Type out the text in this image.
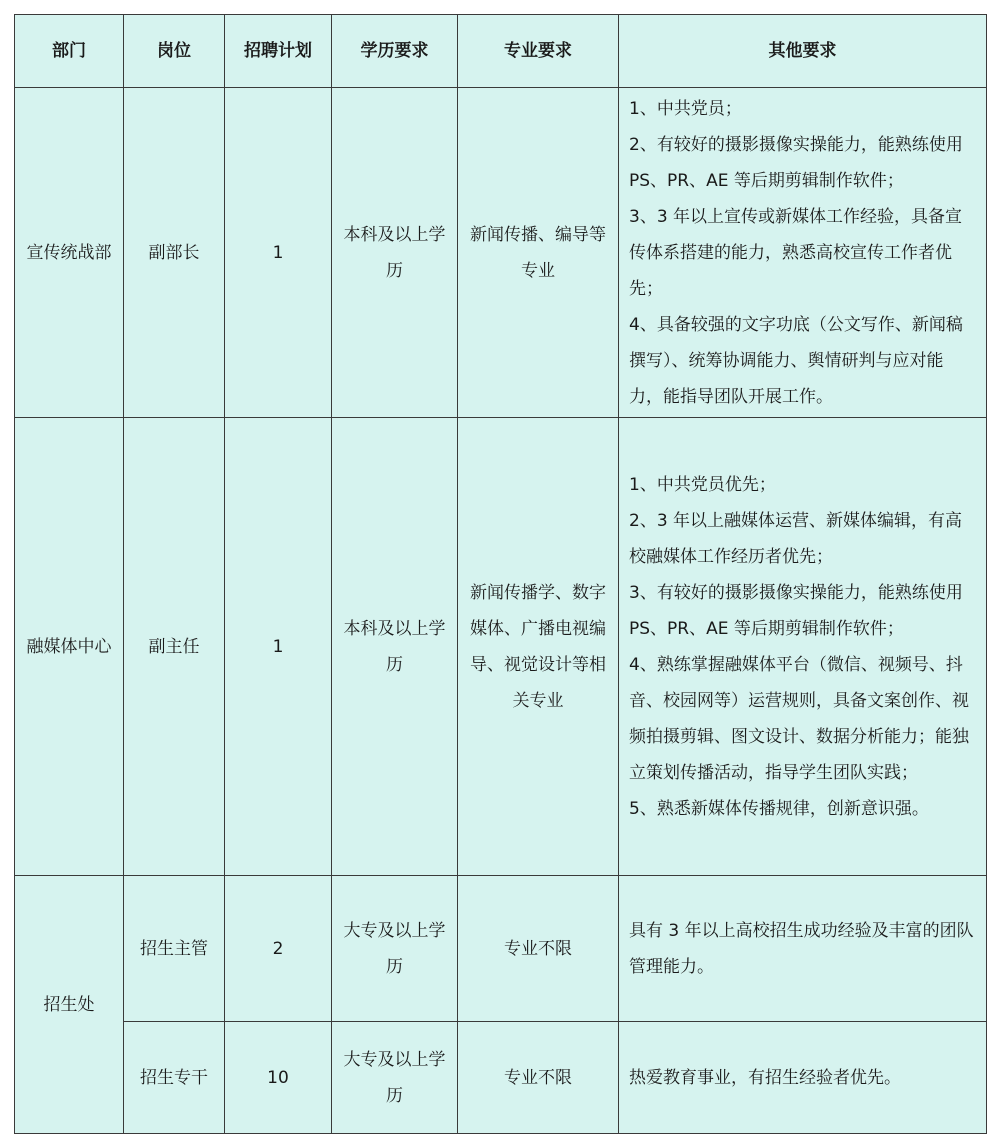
部门	岗位	招聘计划	学历要求	专业要求	其他要求
宣传统战部	副部长	1	本科及以上学历	新闻传播、编导等专业	1、中共党员；
2、有较好的摄影摄像实操能力，能熟练使用 PS、PR、AE 等后期剪辑制作软件；
3、3 年以上宣传或新媒体工作经验，具备宣传体系搭建的能力，熟悉高校宣传工作者优先；
4、具备较强的文字功底（公文写作、新闻稿撰写）、统筹协调能力、舆情研判与应对能力，能指导团队开展工作。

融媒体中心	副主任	1	本科及以上学历	新闻传播学、数字媒体、广播电视编导、视觉设计等相关专业	1、中共党员优先；
2、3 年以上融媒体运营、新媒体编辑，有高校融媒体工作经历者优先；
3、有较好的摄影摄像实操能力，能熟练使用 PS、PR、AE 等后期剪辑制作软件；
4、熟练掌握融媒体平台（微信、视频号、抖音、校园网等）运营规则，具备文案创作、视频拍摄剪辑、图文设计、数据分析能力；能独立策划传播活动，指导学生团队实践；
5、熟悉新媒体传播规律，创新意识强。

招生处	招生主管	2	大专及以上学历	专业不限	具有 3 年以上高校招生成功经验及丰富的团队管理能力。

	招生专干	10	大专及以上学历	专业不限	热爱教育事业，有招生经验者优先。
